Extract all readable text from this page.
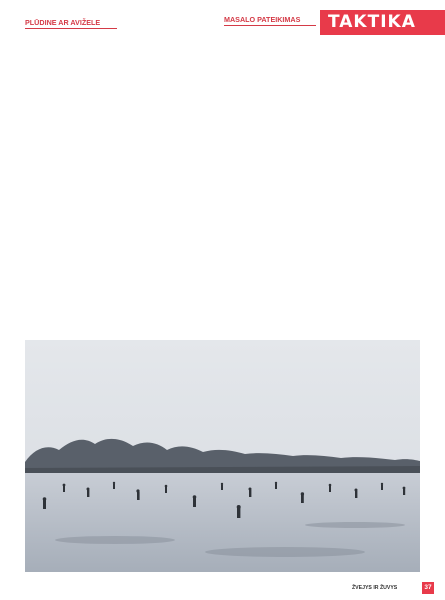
TAKTIKA

PLŪDINE AR AVIŽELE	MASALO PATEIKIMAS

ŽVEJYS IR ŽUVYS	37
